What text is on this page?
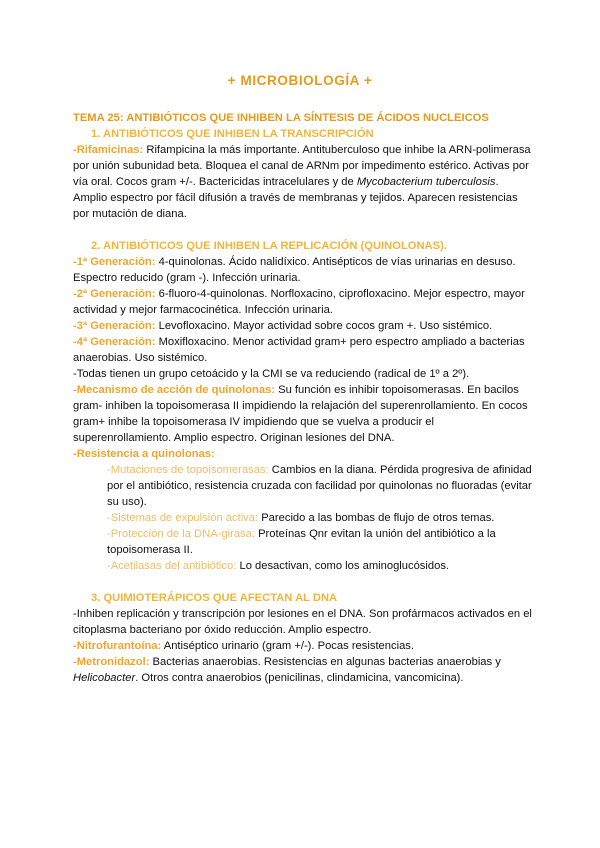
+ MICROBIOLOGÍA +

TEMA 25: ANTIBIÓTICOS QUE INHIBEN LA SÍNTESIS DE ÁCIDOS NUCLEICOS

1. ANTIBIÓTICOS QUE INHIBEN LA TRANSCRIPCIÓN

-Rifamicinas: Rifampicina la más importante. Antituberculoso que inhibe la ARN-polimerasa por unión subunidad beta. Bloquea el canal de ARNm por impedimento estérico. Activas por vía oral. Cocos gram +/-. Bactericidas intracelulares y de Mycobacterium tuberculosis. Amplio espectro por fácil difusión a través de membranas y tejidos. Aparecen resistencias por mutación de diana.

2. ANTIBIÓTICOS QUE INHIBEN LA REPLICACIÓN (QUINOLONAS).

-1ª Generación: 4-quinolonas. Ácido nalidíxico. Antisépticos de vías urinarias en desuso. Espectro reducido (gram -). Infección urinaria.

-2ª Generación: 6-fluoro-4-quinolonas. Norfloxacino, ciprofloxacino. Mejor espectro, mayor actividad y mejor farmacocinética. Infección urinaria.

-3ª Generación: Levofloxacino. Mayor actividad sobre cocos gram +. Uso sistémico.

-4ª Generación: Moxifloxacino. Menor actividad gram+ pero espectro ampliado a bacterias anaerobias. Uso sistémico.

-Todas tienen un grupo cetoácido y la CMI se va reduciendo (radical de 1º a 2º).

-Mecanismo de acción de quinolonas: Su función es inhibir topoisomerasas. En bacilos gram- inhiben la topoisomerasa II impidiendo la relajación del superenrollamiento. En cocos gram+ inhibe la topoisomerasa IV impidiendo que se vuelva a producir el superenrollamiento. Amplio espectro. Originan lesiones del DNA.

-Resistencia a quinolonas:

-Mutaciones de topoisomerasas: Cambios en la diana. Pérdida progresiva de afinidad por el antibiótico, resistencia cruzada con facilidad por quinolonas no fluoradas (evitar su uso).

-Sistemas de expulsión activa: Parecido a las bombas de flujo de otros temas.

-Protección de la DNA-girasa: Proteínas Qnr evitan la unión del antibiótico a la topoisomerasa II.

-Acetilasas del antibiótico: Lo desactivan, como los aminoglucósidos.

3. QUIMIOTERÁPICOS QUE AFECTAN AL DNA

-Inhiben replicación y transcripción por lesiones en el DNA. Son profármacos activados en el citoplasma bacteriano por óxido reducción. Amplio espectro.

-Nitrofurantoína: Antiséptico urinario (gram +/-). Pocas resistencias.

-Metronidazol: Bacterias anaerobias. Resistencias en algunas bacterias anaerobias y Helicobacter. Otros contra anaerobios (penicilinas, clindamicina, vancomicina).
